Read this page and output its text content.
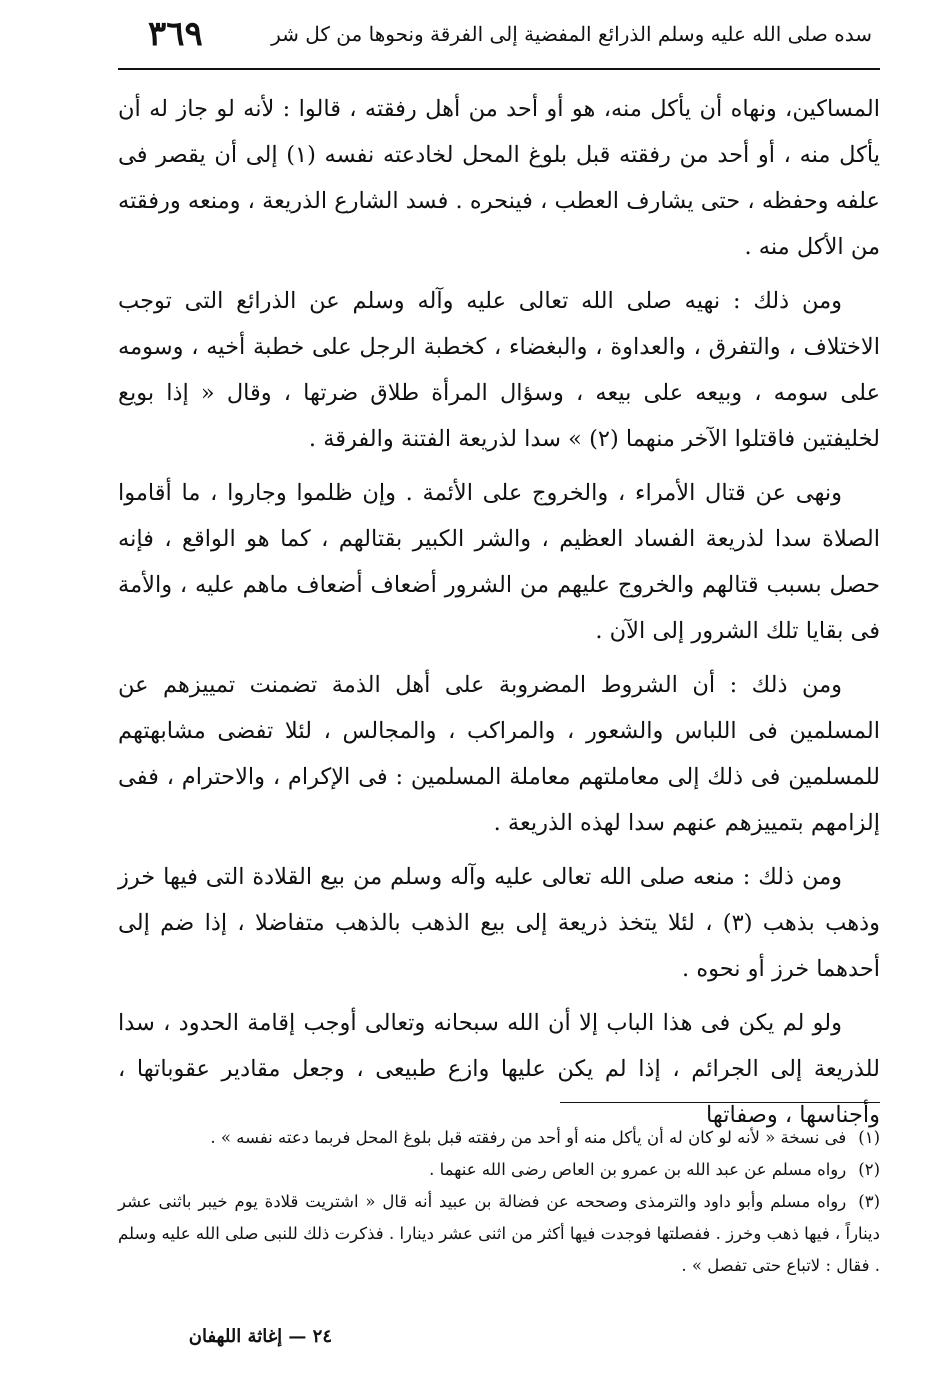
سده صلى الله عليه وسلم الذرائع المفضية إلى الفرقة ونحوها من كل شر
٣٦٩

المساكين، ونهاه أن يأكل منه، هو أو أحد من أهل رفقته ، قالوا : لأنه لو جاز له أن يأكل منه ، أو أحد من رفقته قبل بلوغ المحل لخادعته نفسه (١) إلى أن يقصر فى علفه وحفظه ، حتى يشارف العطب ، فينحره . فسد الشارع الذريعة ، ومنعه ورفقته من الأكل منه .

ومن ذلك : نهيه صلى الله تعالى عليه وآله وسلم عن الذرائع التى توجب الاختلاف ، والتفرق ، والعداوة ، والبغضاء ، كخطبة الرجل على خطبة أخيه ، وسومه على سومه ، وبيعه على بيعه ، وسؤال المرأة طلاق ضرتها ، وقال « إذا بويع لخليفتين فاقتلوا الآخر منهما (٢) » سدا لذريعة الفتنة والفرقة .

ونهى عن قتال الأمراء ، والخروج على الأئمة . وإن ظلموا وجاروا ، ما أقاموا الصلاة سدا لذريعة الفساد العظيم ، والشر الكبير بقتالهم ، كما هو الواقع ، فإنه حصل بسبب قتالهم والخروج عليهم من الشرور أضعاف أضعاف ماهم عليه ، والأمة فى بقايا تلك الشرور إلى الآن .

ومن ذلك : أن الشروط المضروبة على أهل الذمة تضمنت تمييزهم عن المسلمين فى اللباس والشعور ، والمراكب ، والمجالس ، لئلا تفضى مشابهتهم للمسلمين فى ذلك إلى معاملتهم معاملة المسلمين : فى الإكرام ، والاحترام ، ففى إلزامهم بتمييزهم عنهم سدا لهذه الذريعة .

ومن ذلك : منعه صلى الله تعالى عليه وآله وسلم من بيع القلادة التى فيها خرز وذهب بذهب (٣) ، لئلا يتخذ ذريعة إلى بيع الذهب بالذهب متفاضلا ، إذا ضم إلى أحدهما خرز أو نحوه .

ولو لم يكن فى هذا الباب إلا أن الله سبحانه وتعالى أوجب إقامة الحدود ، سدا للذريعة إلى الجرائم ، إذا لم يكن عليها وازع طبيعى ، وجعل مقادير عقوباتها ، وأجناسها ، وصفاتها

(١)فى نسخة « لأنه لو كان له أن يأكل منه أو أحد من رفقته قبل بلوغ المحل فربما دعته نفسه » .

(٢)رواه مسلم عن عبد الله بن عمرو بن العاص رضى الله عنهما .

(٣)رواه مسلم وأبو داود والترمذى وصححه عن فضالة بن عبيد أنه قال « اشتريت قلادة يوم خيبر باثنى عشر ديناراً ، فيها ذهب وخرز . ففصلتها فوجدت فيها أكثر من اثنى عشر دينارا . فذكرت ذلك للنبى صلى الله عليه وسلم . فقال : لاتباع حتى تفصل » .

٢٤ — إغاثة اللهفان
